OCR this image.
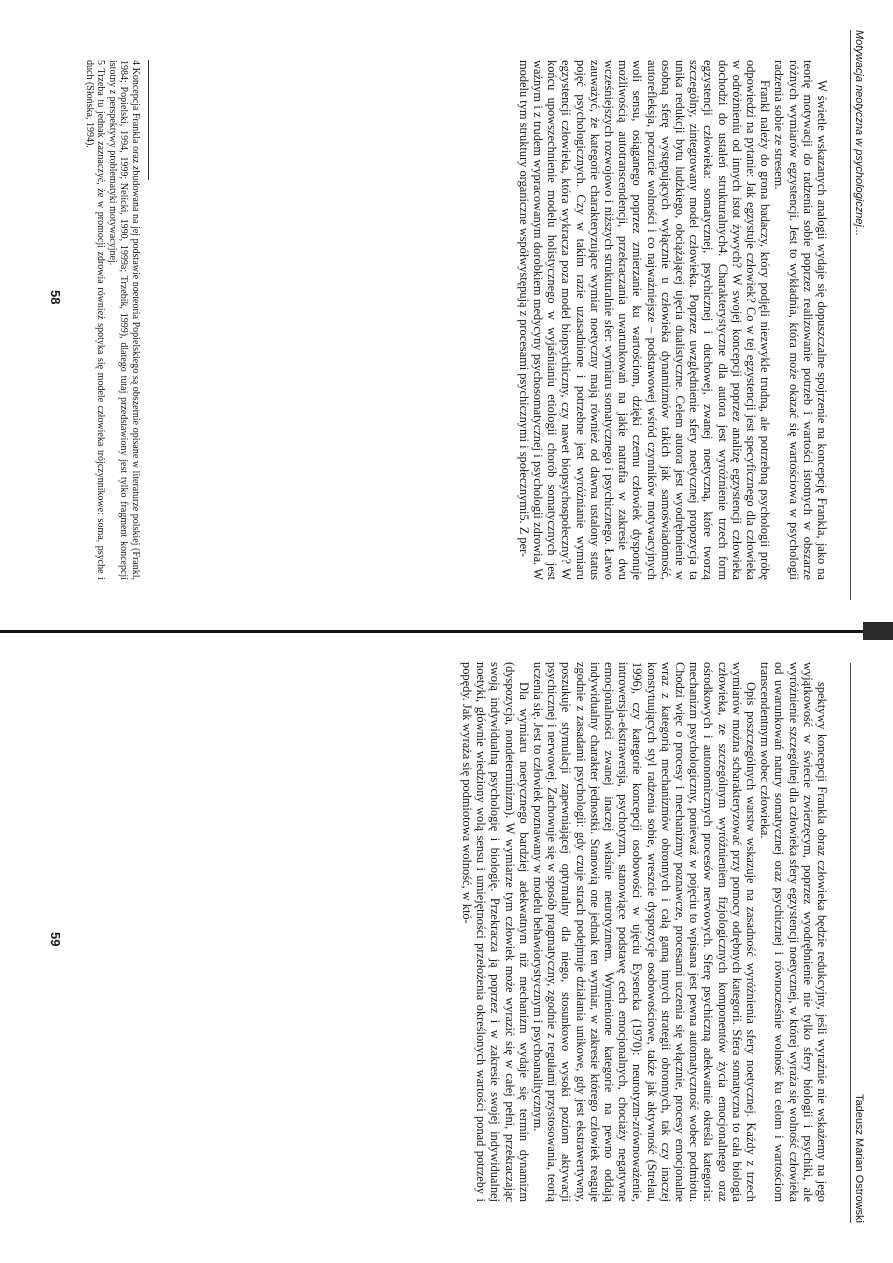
Motywacja neotyczna w psychologicznej...

W świetle wskazanych analogii wydaje się dopuszczalne spojrzenie na koncepcję Frankla, jako na teorię motywacji do radzenia sobie poprzez realizowanie potrzeb i wartości istotnych w obszarze różnych wymiarów egzystencji. Jest to wykładnia, która może okazać się wartościowa w psychologii radzenia sobie ze stresem.

Frankl należy do grona badaczy, który podjęli niezwykle trudną, ale potrzebną psychologii próbę odpowiedzi na pytanie: Jak egzystuje człowiek? Co w tej egzystencji jest specyficznego dla człowieka w odróżnieniu od innych istot żywych? W swojej koncepcji poprzez analizę egzystencji człowieka dochodzi do ustaleń strukturalnych4. Charakterystyczne dla autora jest wyróżnienie trzech form egzystencji człowieka: somatycznej, psychicznej i duchowej, zwanej noetyczną, które tworzą szczególny, zintegrowany model człowieka. Poprzez uwzględnienie sfery noetycznej propozycja ta unika redukcji bytu ludzkiego, obciążającej ujęcia dualistyczne. Celem autora jest wyodrębnienie w osobną sferę występujących wyłącznie u człowieka dynamizmów takich jak samoświadomość, autorefleksja, poczucie wolności i co najważniejsze – podstawowej wśród czynników motywacyjnych woli sensu, osiąganego poprzez zmierzanie ku wartościom, dzięki czemu człowiek dysponuje możliwością autotranscendencji, przekraczania uwarunkowań na jakie natrafia w zakresie dwu wcześniejszych rozwojowo i niższych strukturalnie sfer: wymiaru somatycznego i psychicznego. Łatwo zauważyć, że kategorie charakteryzujące wymiar noetyczny mają również od dawna ustalony status pojęć psychologicznych. Czy w takim razie uzasadnione i potrzebne jest wyróżnianie wymiaru egzystencji człowieka, która wykracza poza model biopsychiczny, czy nawet biopsychospołeczny? W końcu upowszechnienie modelu holistycznego w wyjaśnianiu etiologii chorób somatycznych jest ważnym i z trudem wypracowanym dorobkiem medycyny psychosomatycznej i psychologii zdrowia. W modelu tym struktury organiczne współwystępują z procesami psychicznymi i społecznymi5. Z per-

4 Koncepcja Frankla oraz zbudowana na jej podstawie noeteoria Popielskiego są obszernie opisane w literaturze polskiej (Frankl, 1984; Popielski, 1994, 1999; Nelicki, 1990, 1999a; Trzebik, 1999), dlatego tutaj przedstawiony jest tylko fragment koncepcji istotny z perspektywy problematyki motywacyjnej.

5 Trzeba tu jednak zaznaczyć, że w promocji zdrowia również spotyka się modele człowieka trójczynnikowe: soma, psyche i duch (Słońska, 1994).

58
Tadeusz Marian Ostrowski

spektywy koncepcji Frankla obraz człowieka będzie redukcyjny, jeśli wyraźnie nie wskażemy na jego wyjątkowość w świecie zwierzęcym, poprzez wyodrębnienie nie tylko sfery biologii i psychiki, ale wyróżnienie szczególnej dla człowieka sfery egzystencji noetycznej, w której wyraża się wolność człowieka od uwarunkowań natury somatycznej oraz psychicznej i równocześnie wolność ku celom i wartościom transcendentnym wobec człowieka.

Opis poszczególnych warstw wskazuje na zasadność wyróżnienia sfery noetycznej. Każdy z trzech wymiarów można scharakteryzować przy pomocy odrębnych kategorii. Sfera somatyczna to cała biologia człowieka, ze szczególnym wyróżnieniem fizjologicznych komponentów życia emocjonalnego oraz ośrodkowych i autonomicznych procesów nerwowych. Sferę psychiczną adekwatnie określa kategoria: mechanizm psychologiczny, ponieważ w pojęciu to wpisana jest pewna automatyczność wobec podmiotu. Chodzi więc o procesy i mechanizmy poznawcze, procesami uczenia się włącznie, procesy emocjonalne wraz z kategorią mechanizmów obronnych i całą gamą innych strategii obronnych, tak czy inaczej konstytuujących styl radzenia sobie, wreszcie dyspozycje osobowościowe, także jak aktywność (Strelau, 1996), czy kategorie koncepcji osobowości w ujęciu Eysencka (1970): neurotyzm-zrównoważenie, introwersja-ekstrawersja, psychotyzm, stanowiące podstawę cech emocjonalnych, chociaży negatywne emocjonalności zwanej inaczej właśnie neurotyzmem. Wymienione kategorie na pewno oddają indywidualny charakter jednostki. Stanowią one jednak ten wymiar, w zakresie którego człowiek reaguje zgodnie z zasadami psychologii: gdy czuje strach podejmuje działania unikowe, gdy jest ekstrawertywny, poszukuje stymulacji zapewniającej optymalny dla niego, stosunkowo wysoki poziom aktywacji psychicznej i nerwowej. Zachowuje się w sposób pragmatyczny, zgodnie z regułami przystosowania, teorią uczenia się. Jest to człowiek poznawany w modelu behawiorystycznym i psychoanalitycznym.

Dla wymiaru noetycznego bardziej adekwatnym niż mechanizm wydaje się termin dynamizm (dyspozycja, nondeterminizm). W wymiarze tym człowiek może wyrazić się w całej pełni, przekraczając swoją indywidualną psychologię i biologię. Przekracza ją poprzez i w zakresie swojej indywidualnej noetyki, głównie wiedziony wolą sensu i umiejętności przełożenia określonych wartości ponad potrzeby i popędy. Jak wyraża się podmiotowa wolność, w któ-

59
